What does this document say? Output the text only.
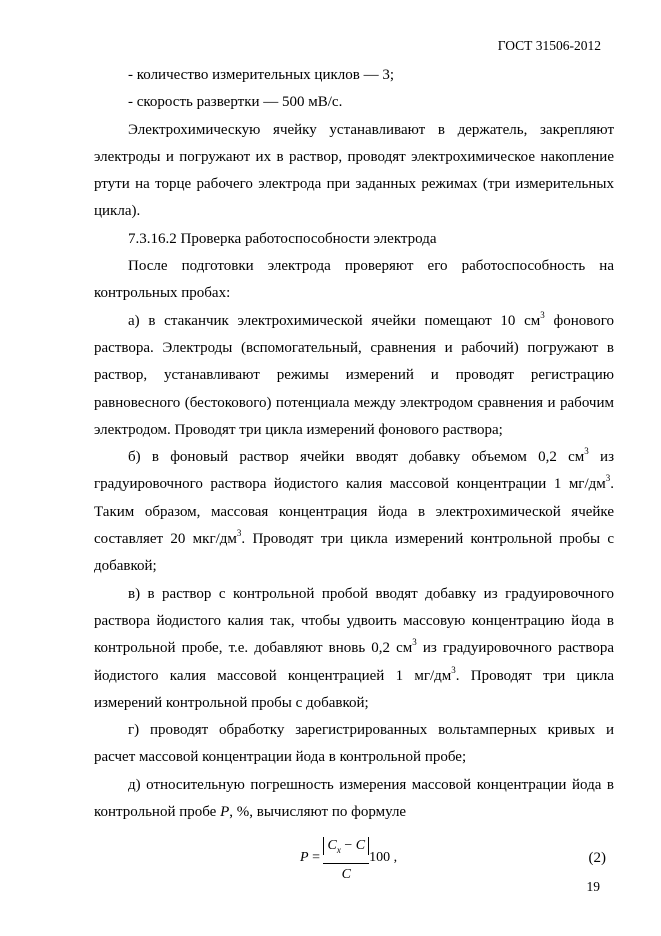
ГОСТ 31506-2012

- количество измерительных циклов — 3;

- скорость развертки — 500 мВ/с.

Электрохимическую ячейку устанавливают в держатель, закрепляют электроды и погружают их в раствор, проводят электрохимическое накопление ртути на торце рабочего электрода при заданных режимах (три измерительных цикла).

7.3.16.2 Проверка работоспособности электрода

После подготовки электрода проверяют его работоспособность на контрольных пробах:

а) в стаканчик электрохимической ячейки помещают 10 $см^3$ фонового раствора. Электроды (вспомогательный, сравнения и рабочий) погружают в раствор, устанавливают режимы измерений и проводят регистрацию равновесного (бестокового) потенциала между электродом сравнения и рабочим электродом. Проводят три цикла измерений фонового раствора;

б) в фоновый раствор ячейки вводят добавку объемом 0,2 $см^3$ из градуировочного раствора йодистого калия массовой концентрации 1 $мг/дм^3$. Таким образом, массовая концентрация йода в электрохимической ячейке составляет 20 мкг/$дм^3$. Проводят три цикла измерений контрольной пробы с добавкой;

в) в раствор с контрольной пробой вводят добавку из градуировочного раствора йодистого калия так, чтобы удвоить массовую концентрацию йода в контрольной пробе, т.е. добавляют вновь 0,2 $см^3$ из градуировочного раствора йодистого калия массовой концентрацией 1 $мг/дм^3$. Проводят три цикла измерений контрольной пробы с добавкой;

г) проводят обработку зарегистрированных вольтамперных кривых и расчет массовой концентрации йода в контрольной пробе;

д) относительную погрешность измерения массовой концентрации йода в контрольной пробе P, %, вычисляют по формуле

$P = \frac{C_x - C}{C} 100$ ,	(2)
19
